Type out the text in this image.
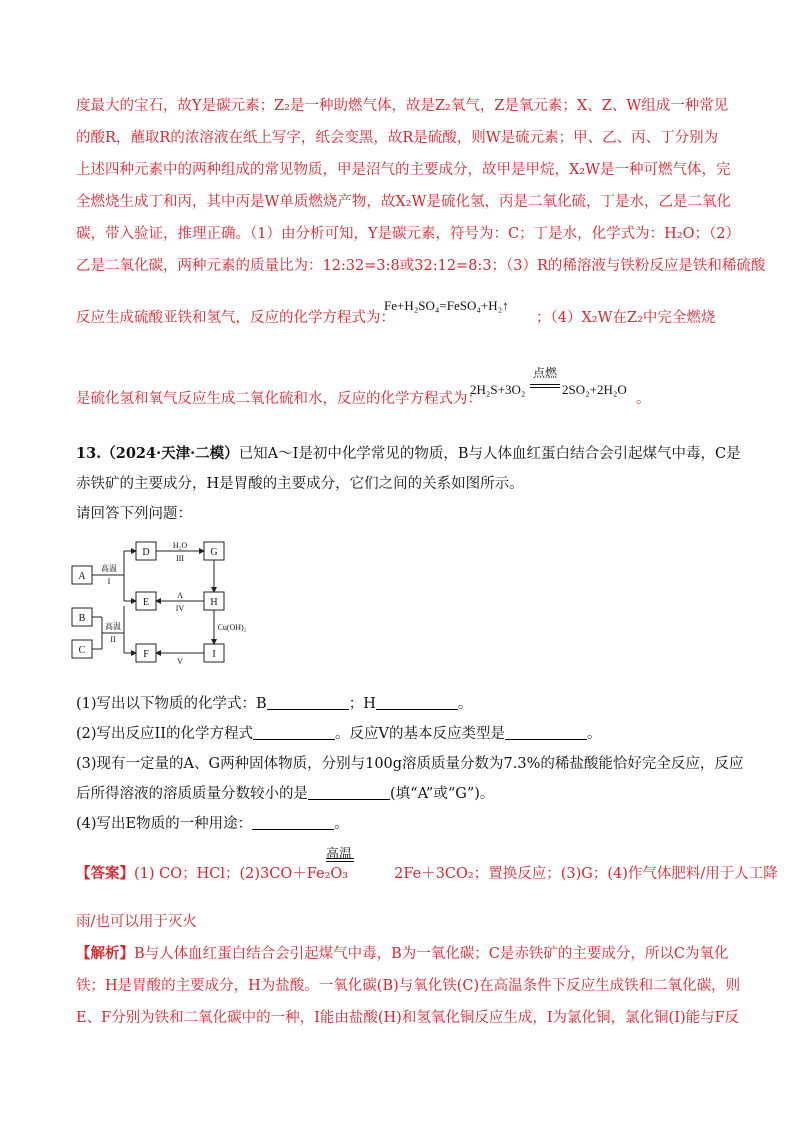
度最大的宝石，故Y是碳元素；Z₂是一种助燃气体，故是Z₂氧气，Z是氧元素；X、Z、W组成一种常见
的酸R，蘸取R的浓溶液在纸上写字，纸会变黑，故R是硫酸，则W是硫元素；甲、乙、丙、丁分别为
上述四种元素中的两种组成的常见物质，甲是沼气的主要成分，故甲是甲烷，X₂W是一种可燃气体，完
全燃烧生成丁和丙，其中丙是W单质燃烧产物，故X₂W是硫化氢，丙是二氧化硫，丁是水，乙是二氧化
碳，带入验证，推理正确。（1）由分析可知，Y是碳元素，符号为：C；丁是水，化学式为：H₂O；（2）
乙是二氧化碳，两种元素的质量比为：12:32=3:8或32:12=8:3；（3）R的稀溶液与铁粉反应是铁和稀硫酸
反应生成硫酸亚铁和氢气，反应的化学方程式为：
Fe+H₂SO₄=FeSO₄+H₂↑
；（4）X₂W在Z₂中完全燃烧
是硫化氢和氧气反应生成二氧化硫和水，反应的化学方程式为：
2H₂S+3O₂
点燃
2SO₂+2H₂O
。
13.（2024·天津·二模）已知A～I是初中化学常见的物质，B与人体血红蛋白结合会引起煤气中毒，C是
赤铁矿的主要成分，H是胃酸的主要成分，它们之间的关系如图所示。
请回答下列问题：
A
B
C
D
E
F
G
H
I
高温
I
高温
II
H₂O
III
A
IV
V
Cu(OH)₂
(1)写出以下物质的化学式：B	；H	。
(2)写出反应II的化学方程式	。反应V的基本反应类型是	。
(3)现有一定量的A、G两种固体物质，分别与100g溶质质量分数为7.3%的稀盐酸能恰好完全反应，反应
后所得溶液的溶质质量分数较小的是	(填“A”或“G”)。
(4)写出E物质的一种用途：	。
高温
【答案】(1) CO；HCl；(2)3CO＋Fe₂O₃	2Fe＋3CO₂；置换反应；(3)G；(4)作气体肥料/用于人工降
雨/也可以用于灭火
【解析】B与人体血红蛋白结合会引起煤气中毒，B为一氧化碳；C是赤铁矿的主要成分，所以C为氧化
铁；H是胃酸的主要成分，H为盐酸。一氧化碳(B)与氧化铁(C)在高温条件下反应生成铁和二氧化碳，则
E、F分别为铁和二氧化碳中的一种，I能由盐酸(H)和氢氧化铜反应生成，I为氯化铜，氯化铜(I)能与F反
